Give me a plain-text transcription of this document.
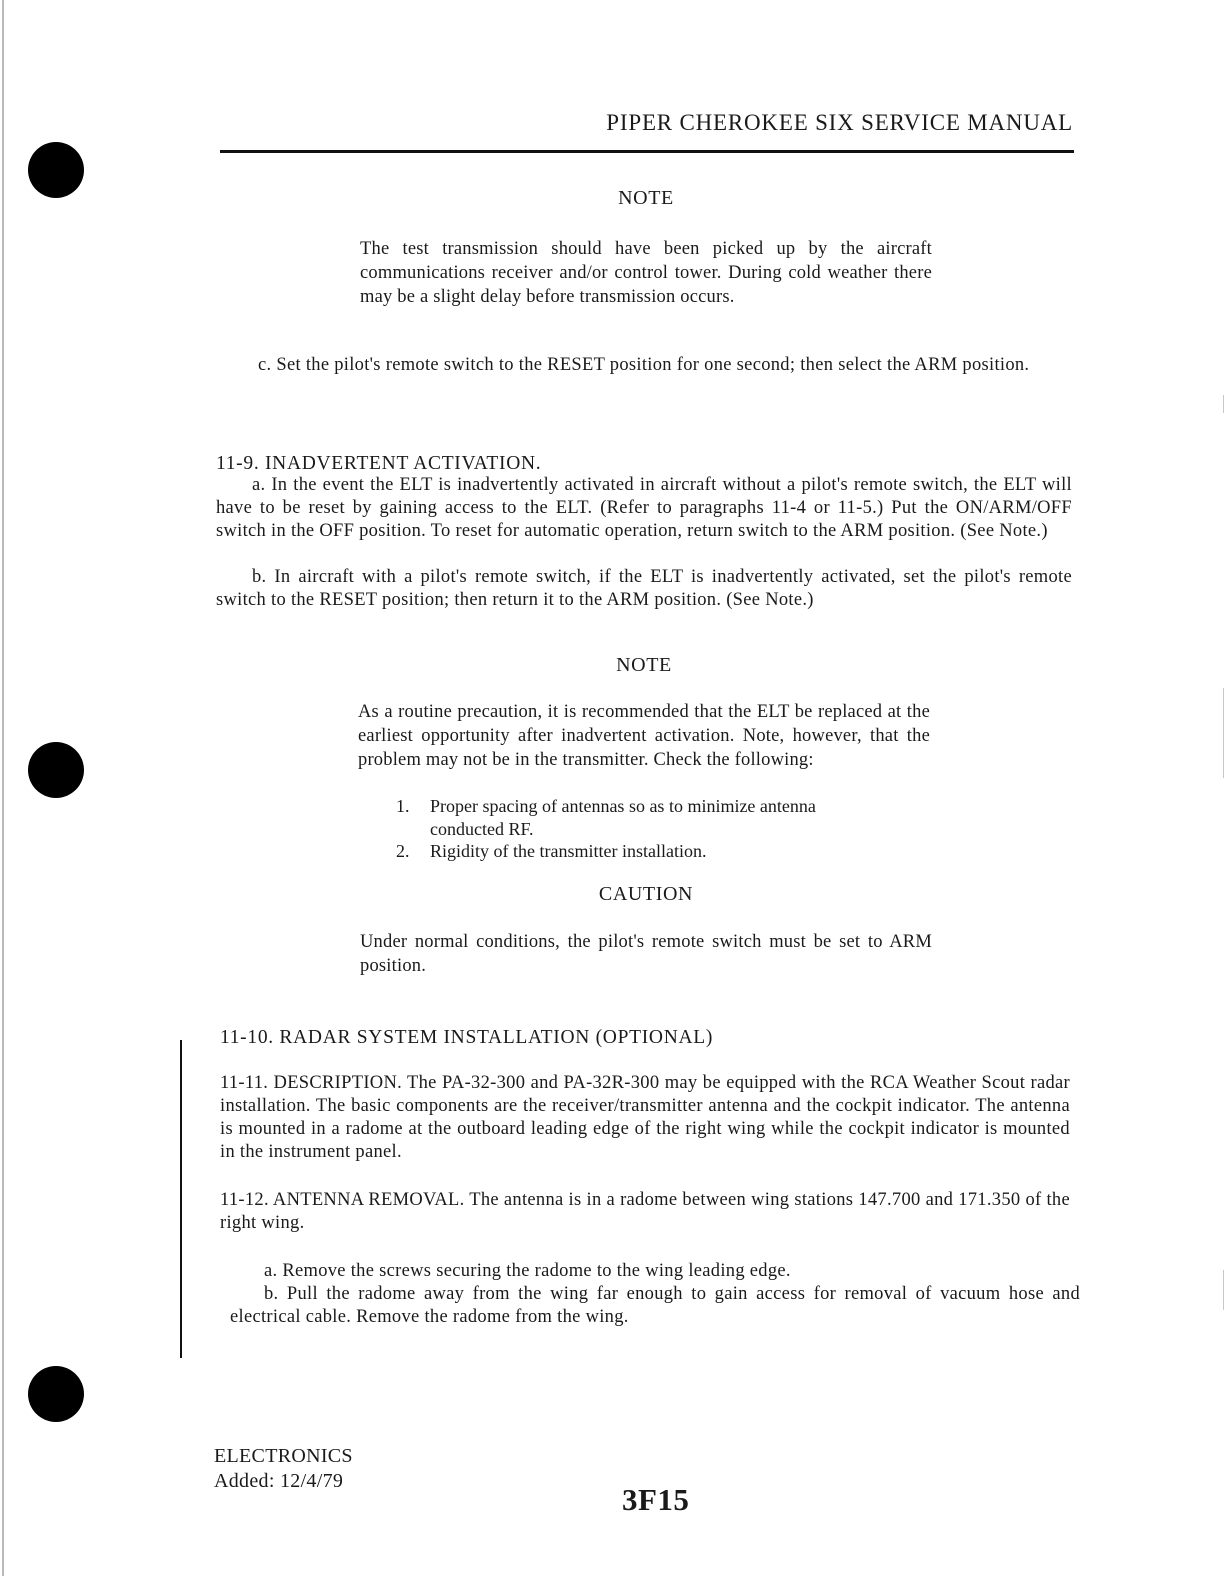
PIPER CHEROKEE SIX SERVICE MANUAL
NOTE
The test transmission should have been picked up by the aircraft communications receiver and/or control tower. During cold weather there may be a slight delay before transmission occurs.
c. Set the pilot's remote switch to the RESET position for one second; then select the ARM position.
11-9. INADVERTENT ACTIVATION.
a. In the event the ELT is inadvertently activated in aircraft without a pilot's remote switch, the ELT will have to be reset by gaining access to the ELT. (Refer to paragraphs 11-4 or 11-5.) Put the ON/ARM/OFF switch in the OFF position. To reset for automatic operation, return switch to the ARM position. (See Note.)
b. In aircraft with a pilot's remote switch, if the ELT is inadvertently activated, set the pilot's remote switch to the RESET position; then return it to the ARM position. (See Note.)
NOTE
As a routine precaution, it is recommended that the ELT be replaced at the earliest opportunity after inadvertent activation. Note, however, that the problem may not be in the transmitter. Check the following:
1. Proper spacing of antennas so as to minimize antenna
conducted RF.
2. Rigidity of the transmitter installation.
CAUTION
Under normal conditions, the pilot's remote switch must be set to ARM position.
11-10. RADAR SYSTEM INSTALLATION (OPTIONAL)
11-11. DESCRIPTION. The PA-32-300 and PA-32R-300 may be equipped with the RCA Weather Scout radar installation. The basic components are the receiver/transmitter antenna and the cockpit indicator. The antenna is mounted in a radome at the outboard leading edge of the right wing while the cockpit indicator is mounted in the instrument panel.
11-12. ANTENNA REMOVAL. The antenna is in a radome between wing stations 147.700 and 171.350 of the right wing.
a. Remove the screws securing the radome to the wing leading edge.
b. Pull the radome away from the wing far enough to gain access for removal of vacuum hose and electrical cable. Remove the radome from the wing.
ELECTRONICS
Added: 12/4/79
3F15
